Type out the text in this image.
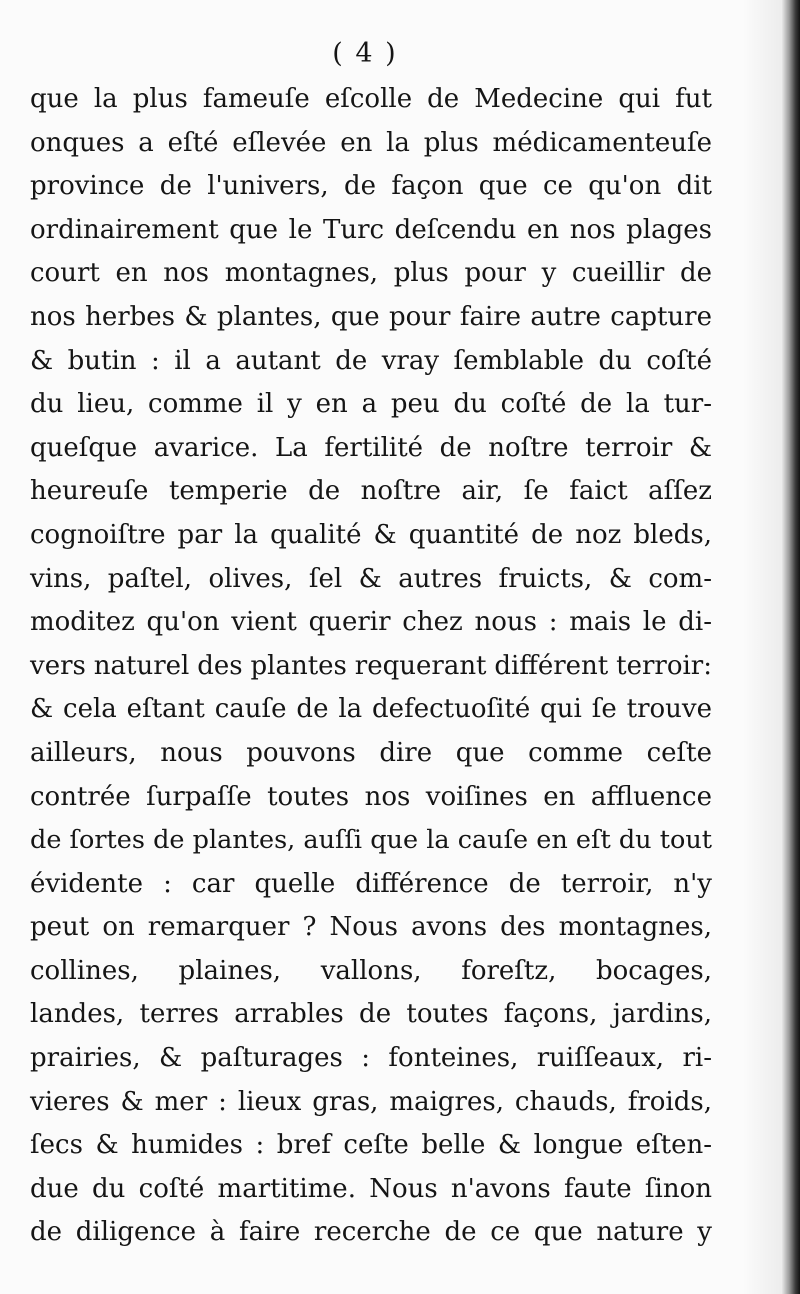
( 4 )
que la plus fameuſe eſcolle de Medecine qui fut
onques a eſté eſlevée en la plus médicamenteuſe
province de l'univers, de façon que ce qu'on dit
ordinairement que le Turc deſcendu en nos plages
court en nos montagnes, plus pour y cueillir de
nos herbes & plantes, que pour faire autre capture
& butin : il a autant de vray ſemblable du coſté
du lieu, comme il y en a peu du coſté de la tur-
queſque avarice. La fertilité de noſtre terroir &
heureuſe temperie de noſtre air, ſe faict aſſez
cognoiſtre par la qualité & quantité de noz bleds,
vins, paſtel, olives, ſel & autres fruicts, & com-
moditez qu'on vient querir chez nous : mais le di-
vers naturel des plantes requerant différent terroir:
& cela eſtant cauſe de la defectuoſité qui ſe trouve
ailleurs, nous pouvons dire que comme ceſte
contrée ſurpaſſe toutes nos voiſines en affluence
de ſortes de plantes, auſſi que la cauſe en eſt du tout
évidente : car quelle différence de terroir, n'y
peut on remarquer ? Nous avons des montagnes,
collines, plaines, vallons, foreſtz, bocages,
landes, terres arrables de toutes façons, jardins,
prairies, & paſturages : fonteines, ruiſſeaux, ri-
vieres & mer : lieux gras, maigres, chauds, froids,
ſecs & humides : bref ceſte belle & longue eſten-
due du coſté martitime. Nous n'avons faute ſinon
de diligence à faire recerche de ce que nature y
